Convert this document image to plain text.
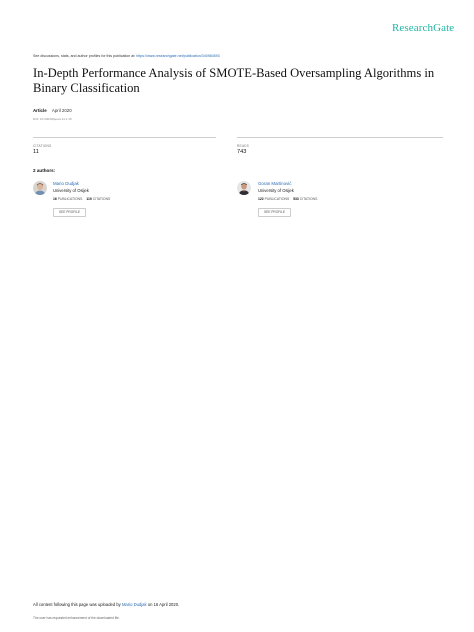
ResearchGate
See discussions, stats, and author profiles for this publication at: https://www.researchgate.net/publication/340984593
In-Depth Performance Analysis of SMOTE-Based Oversampling Algorithms in Binary Classification
Article April 2020
DOI: 10.33043/ijeecs.11.1.15
CITATIONS
11
READS
743
2 authors:
Mario Dudjak
University of Osijek
16 PUBLICATIONS 119 CITATIONS
SEE PROFILE
Goran Martinović
University of Osijek
122 PUBLICATIONS 533 CITATIONS
SEE PROFILE
All content following this page was uploaded by Mario Dudjak on 16 April 2020.
The user has requested enhancement of the downloaded file.
